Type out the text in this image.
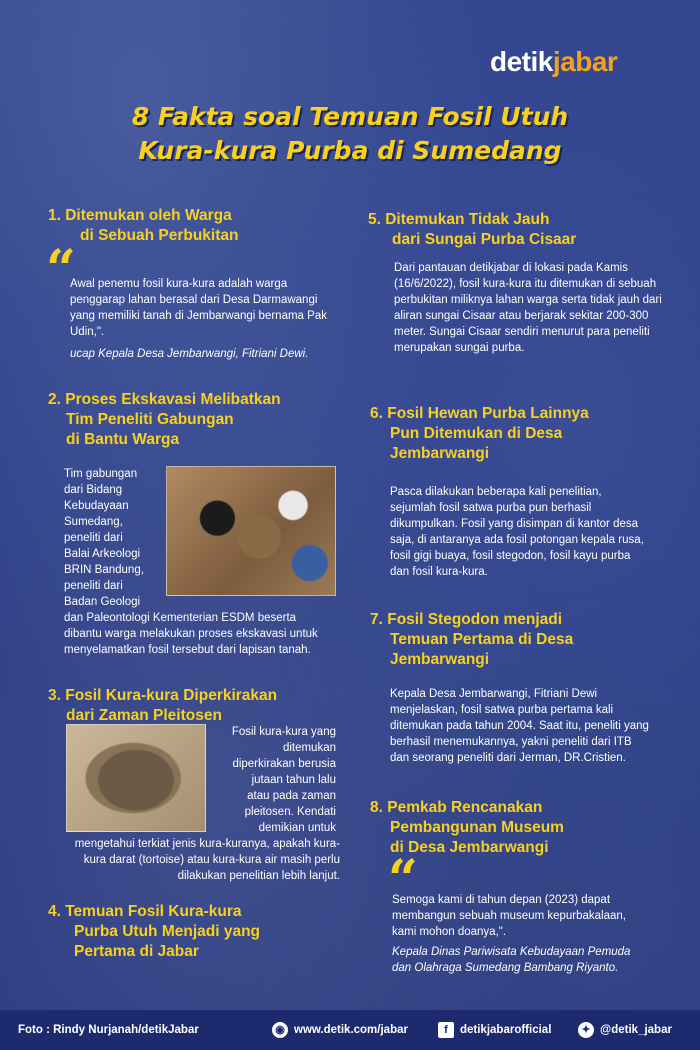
detik jabar
8 Fakta soal Temuan Fosil Utuh
Kura-kura Purba di Sumedang
1. Ditemukan oleh Warga
di Sebuah Perbukitan
“
Awal penemu fosil kura-kura adalah warga penggarap lahan berasal dari Desa Darmawangi yang memiliki tanah di Jembarwangi bernama Pak Udin,".
ucap Kepala Desa Jembarwangi, Fitriani Dewi.
2. Proses Ekskavasi Melibatkan
Tim Peneliti Gabungan
di Bantu Warga
Tim gabungan
dari Bidang
Kebudayaan
Sumedang,
peneliti dari
Balai Arkeologi
BRIN Bandung,
peneliti dari
Badan Geologi
dan Paleontologi Kementerian ESDM beserta dibantu warga melakukan proses ekskavasi untuk menyelamatkan fosil tersebut dari lapisan tanah.
3. Fosil Kura-kura Diperkirakan
dari Zaman Pleitosen
Fosil kura-kura yang
ditemukan
diperkirakan berusia
jutaan tahun lalu
atau pada zaman
pleitosen. Kendati
demikian untuk
mengetahui terkiat jenis kura-kuranya, apakah kura-kura darat (tortoise) atau kura-kura air masih perlu dilakukan penelitian lebih lanjut.
4. Temuan Fosil Kura-kura
Purba Utuh Menjadi yang
Pertama di Jabar
5. Ditemukan Tidak Jauh
dari Sungai Purba Cisaar
Dari pantauan detikjabar di lokasi pada Kamis (16/6/2022), fosil kura-kura itu ditemukan di sebuah perbukitan miliknya lahan warga serta tidak jauh dari aliran sungai Cisaar atau berjarak sekitar 200-300 meter. Sungai Cisaar sendiri menurut para peneliti merupakan sungai purba.
6. Fosil Hewan Purba Lainnya
Pun Ditemukan di Desa
Jembarwangi
Pasca dilakukan beberapa kali penelitian, sejumlah fosil satwa purba pun berhasil dikumpulkan. Fosil yang disimpan di kantor desa saja, di antaranya ada fosil potongan kepala rusa, fosil gigi buaya, fosil stegodon, fosil kayu purba dan fosil kura-kura.
7. Fosil Stegodon menjadi
Temuan Pertama di Desa
Jembarwangi
Kepala Desa Jembarwangi, Fitriani Dewi menjelaskan, fosil satwa purba pertama kali ditemukan pada tahun 2004. Saat itu, peneliti yang berhasil menemukannya, yakni peneliti dari ITB dan seorang peneliti dari Jerman, DR.Cristien.
8. Pemkab Rencanakan
Pembangunan Museum
di Desa Jembarwangi
“
Semoga kami di tahun depan (2023) dapat membangun sebuah museum kepurbakalaan, kami mohon doanya,".
Kepala Dinas Pariwisata Kebudayaan Pemuda dan Olahraga Sumedang Bambang Riyanto.
Foto : Rindy Nurjanah/detikJabar	◉ www.detik.com/jabar	f detikjabarofficial	✦ @detik_jabar
